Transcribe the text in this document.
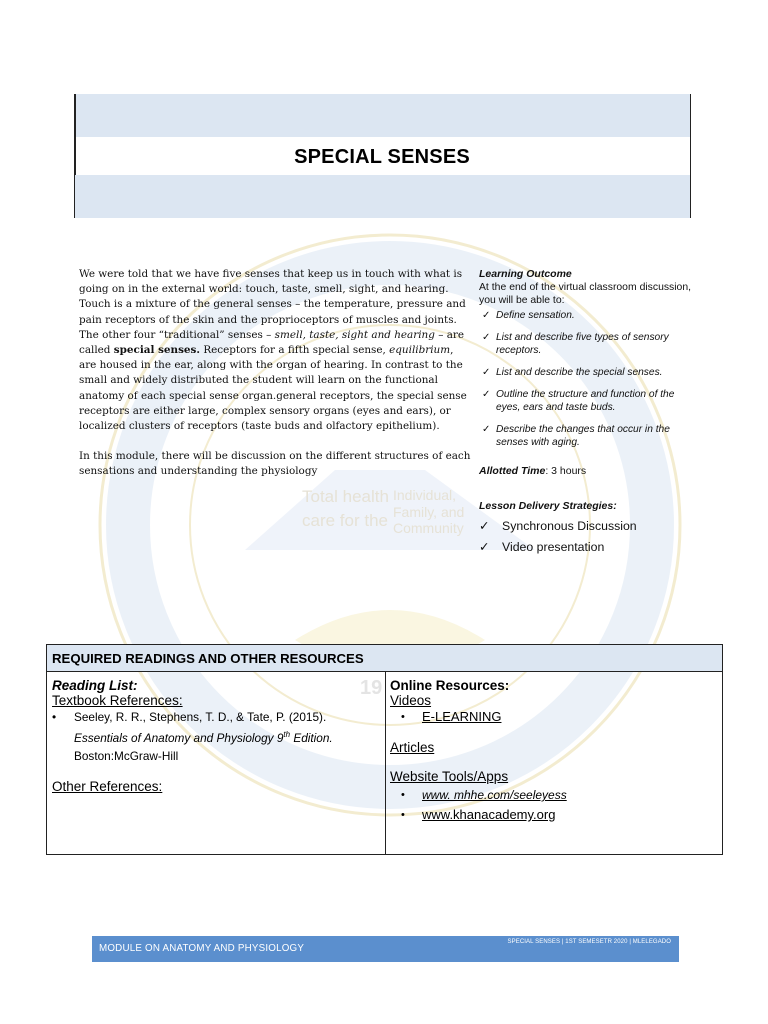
Total health
care for the
Individual,
Family, and
Community
19
SPECIAL SENSES

We were told that we have five senses that keep us in touch with what is going on in the external world: touch, taste, smell, sight, and hearing. Touch is a mixture of the general senses – the temperature, pressure and pain receptors of the skin and the proprioceptors of muscles and joints. The other four “traditional” senses – smell, taste, sight and hearing – are called special senses. Receptors for a fifth special sense, equilibrium, are housed in the ear, along with the organ of hearing. In contrast to the small and widely distributed the student will learn on the functional anatomy of each special sense organ.general receptors, the special sense receptors are either large, complex sensory organs (eyes and ears), or localized clusters of receptors (taste buds and olfactory epithelium).

In this module, there will be discussion on the different structures of each sensations and understanding the physiology

Learning Outcome
At the end of the virtual classroom discussion, you will be able to:
✓ Define sensation.
✓ List and describe five types of sensory receptors.
✓ List and describe the special senses.
✓ Outline the structure and function of the eyes, ears and taste buds.
✓ Describe the changes that occur in the senses with aging.
Allotted Time: 3 hours
Lesson Delivery Strategies:
✓ Synchronous Discussion
✓ Video presentation
REQUIRED READINGS AND OTHER RESOURCES
Reading List:
Textbook References:
• Seeley, R. R., Stephens, T. D., & Tate, P. (2015).
Essentials of Anatomy and Physiology 9th Edition.
Boston:McGraw-Hill
Other References:
Online Resources:
Videos
• E-LEARNING
Articles
Website Tools/Apps
• www. mhhe.com/seeleyess
• www.khanacademy.org
MODULE ON ANATOMY AND PHYSIOLOGY
SPECIAL SENSES | 1ST SEMESETR 2020 | MLELEGADO
